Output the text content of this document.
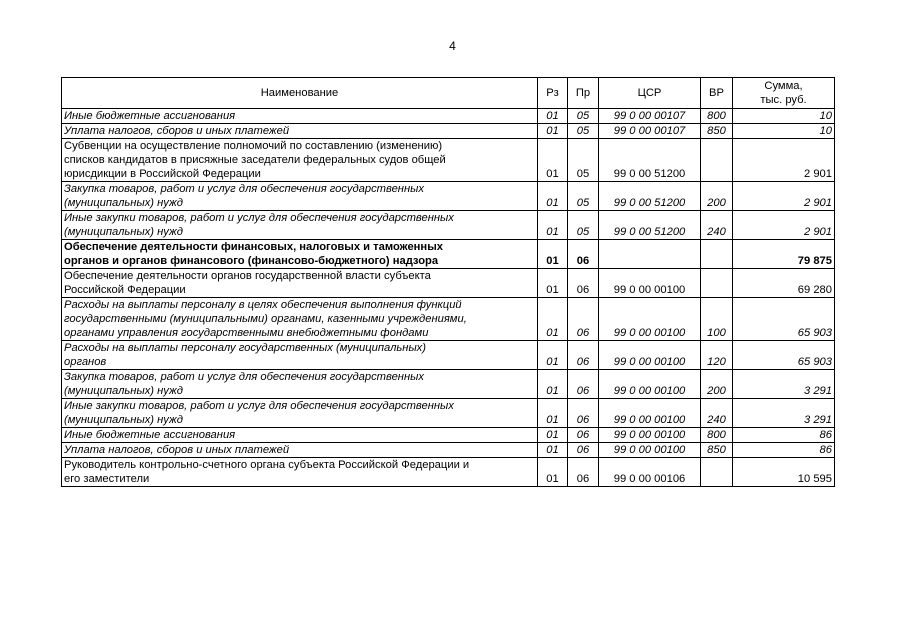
4
Наименование	Рз	Пр	ЦСР	ВР	Сумма,
тыс. руб.
Иные бюджетные ассигнования	01	05	99 0 00 00107	800	10
Уплата налогов, сборов и иных платежей	01	05	99 0 00 00107	850	10
Субвенции на осуществление полномочий по составлению (изменению)
списков кандидатов в присяжные заседатели федеральных судов общей
юрисдикции в Российской Федерации	01	05	99 0 00 51200		2 901
Закупка товаров, работ и услуг для обеспечения государственных
(муниципальных) нужд	01	05	99 0 00 51200	200	2 901
Иные закупки товаров, работ и услуг для обеспечения государственных
(муниципальных) нужд	01	05	99 0 00 51200	240	2 901
Обеспечение деятельности финансовых, налоговых и таможенных
органов и органов финансового (финансово-бюджетного) надзора	01	06			79 875
Обеспечение деятельности органов государственной власти субъекта
Российской Федерации	01	06	99 0 00 00100		69 280
Расходы на выплаты персоналу в целях обеспечения выполнения функций
государственными (муниципальными) органами, казенными учреждениями,
органами управления государственными внебюджетными фондами	01	06	99 0 00 00100	100	65 903
Расходы на выплаты персоналу государственных (муниципальных)
органов	01	06	99 0 00 00100	120	65 903
Закупка товаров, работ и услуг для обеспечения государственных
(муниципальных) нужд	01	06	99 0 00 00100	200	3 291
Иные закупки товаров, работ и услуг для обеспечения государственных
(муниципальных) нужд	01	06	99 0 00 00100	240	3 291
Иные бюджетные ассигнования	01	06	99 0 00 00100	800	86
Уплата налогов, сборов и иных платежей	01	06	99 0 00 00100	850	86
Руководитель контрольно-счетного органа субъекта Российской Федерации и
его заместители	01	06	99 0 00 00106		10 595
